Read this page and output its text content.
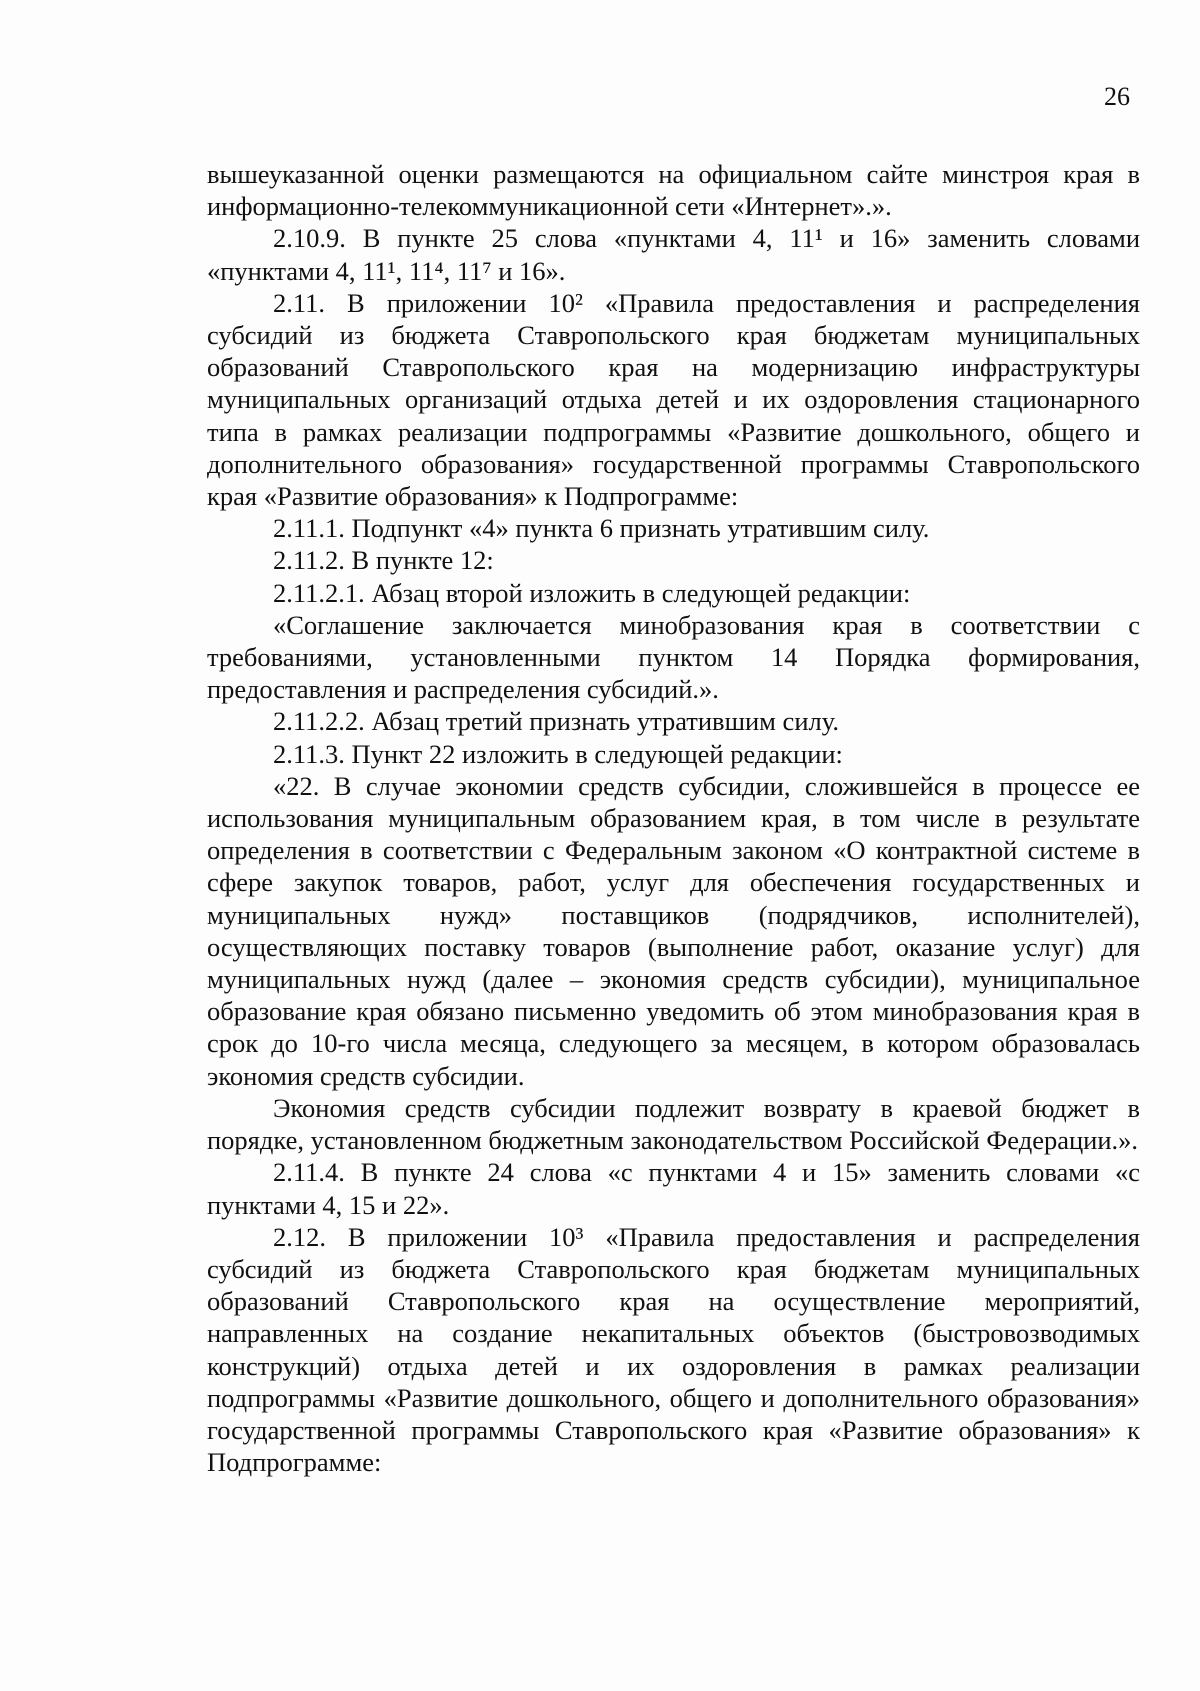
26

вышеуказанной оценки размещаются на официальном сайте минстроя края в информационно-телекоммуникационной сети «Интернет».».

2.10.9. В пункте 25 слова «пунктами 4, 11¹ и 16» заменить словами «пунктами 4, 11¹, 11⁴, 11⁷ и 16».

2.11. В приложении 10² «Правила предоставления и распределения субсидий из бюджета Ставропольского края бюджетам муниципальных образований Ставропольского края на модернизацию инфраструктуры муниципальных организаций отдыха детей и их оздоровления стационарного типа в рамках реализации подпрограммы «Развитие дошкольного, общего и дополнительного образования» государственной программы Ставропольского края «Развитие образования» к Подпрограмме:

2.11.1. Подпункт «4» пункта 6 признать утратившим силу.

2.11.2. В пункте 12:

2.11.2.1. Абзац второй изложить в следующей редакции:

«Соглашение заключается минобразования края в соответствии с требованиями, установленными пунктом 14 Порядка формирования, предоставления и распределения субсидий.».

2.11.2.2. Абзац третий признать утратившим силу.

2.11.3. Пункт 22 изложить в следующей редакции:

«22. В случае экономии средств субсидии, сложившейся в процессе ее использования муниципальным образованием края, в том числе в результате определения в соответствии с Федеральным законом «О контрактной системе в сфере закупок товаров, работ, услуг для обеспечения государственных и муниципальных нужд» поставщиков (подрядчиков, исполнителей), осуществляющих поставку товаров (выполнение работ, оказание услуг) для муниципальных нужд (далее – экономия средств субсидии), муниципальное образование края обязано письменно уведомить об этом минобразования края в срок до 10-го числа месяца, следующего за месяцем, в котором образовалась экономия средств субсидии.

Экономия средств субсидии подлежит возврату в краевой бюджет в порядке, установленном бюджетным законодательством Российской Федерации.».

2.11.4. В пункте 24 слова «с пунктами 4 и 15» заменить словами «с пунктами 4, 15 и 22».

2.12. В приложении 10³ «Правила предоставления и распределения субсидий из бюджета Ставропольского края бюджетам муниципальных образований Ставропольского края на осуществление мероприятий, направленных на создание некапитальных объектов (быстровозводимых конструкций) отдыха детей и их оздоровления в рамках реализации подпрограммы «Развитие дошкольного, общего и дополнительного образования» государственной программы Ставропольского края «Развитие образования» к Подпрограмме:
